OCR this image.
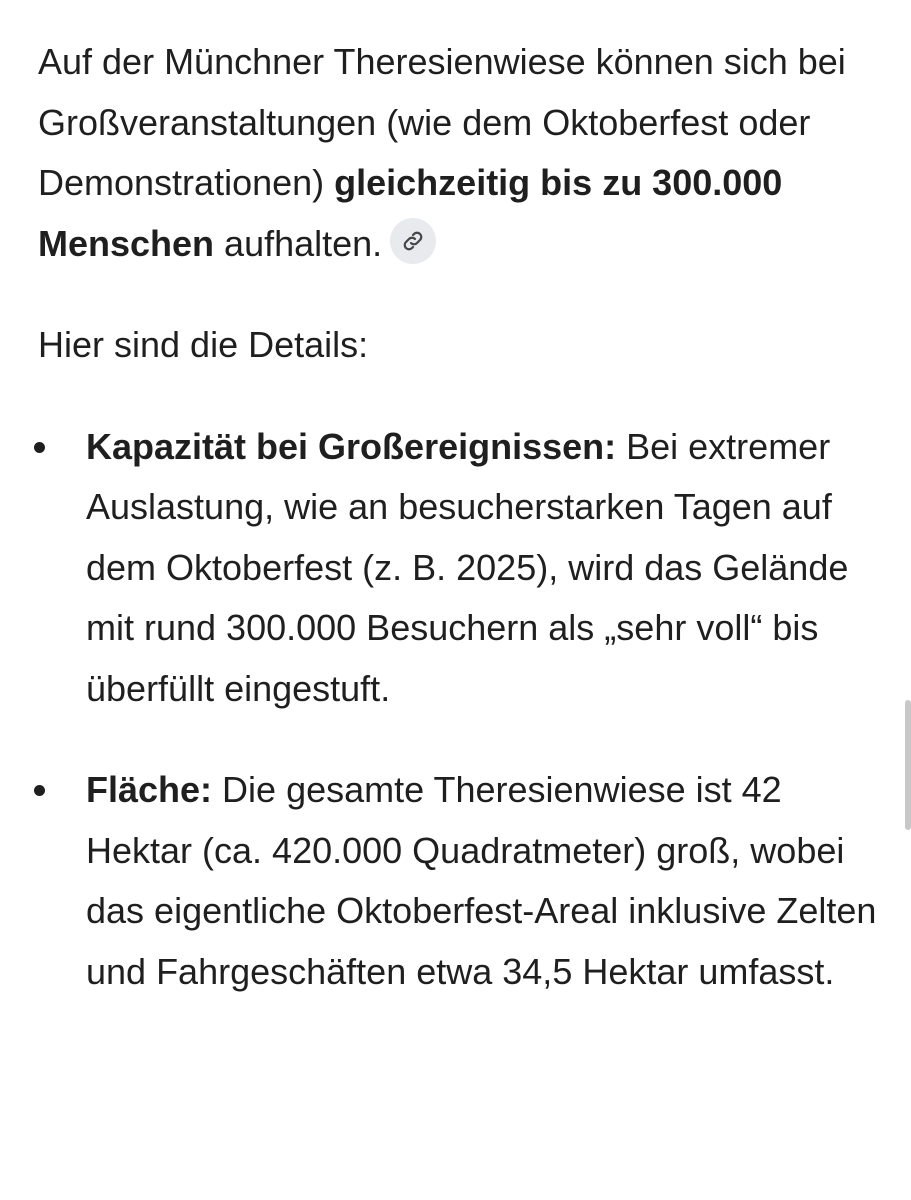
Auf der Münchner Theresienwiese können sich bei Großveranstaltungen (wie dem Oktoberfest oder Demonstrationen) gleichzeitig bis zu 300.000 Menschen aufhalten.

Hier sind die Details:

Kapazität bei Großereignissen: Bei extremer Auslastung, wie an besucherstarken Tagen auf dem Oktoberfest (z. B. 2025), wird das Gelände mit rund 300.000 Besuchern als „sehr voll“ bis überfüllt eingestuft.
Fläche: Die gesamte Theresienwiese ist 42 Hektar (ca. 420.000 Quadratmeter) groß, wobei das eigentliche Oktoberfest-Areal inklusive Zelten und Fahrgeschäften etwa 34,5 Hektar umfasst.
